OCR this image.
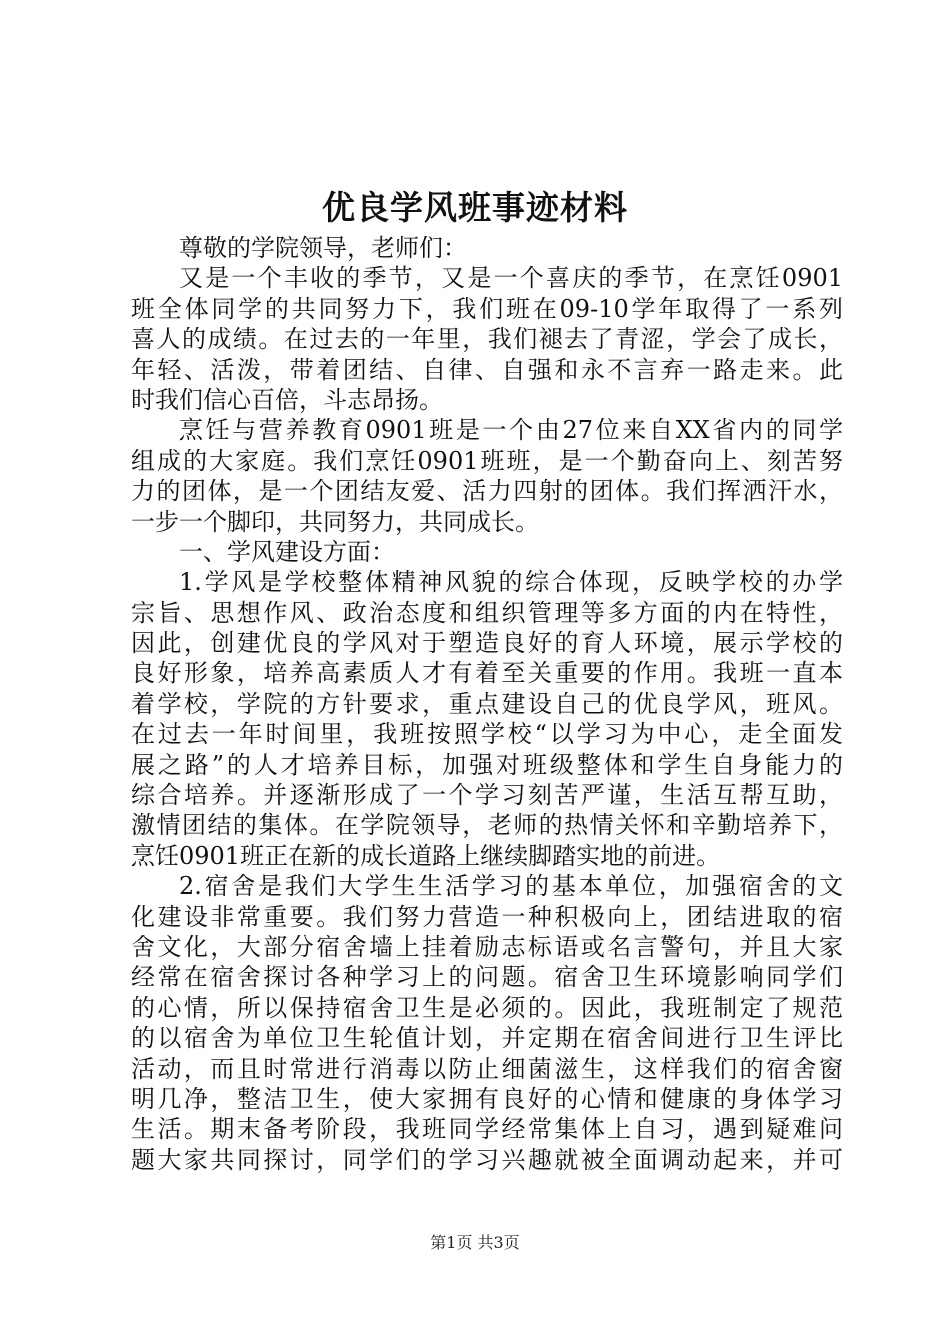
优良学风班事迹材料
尊敬的学院领导，老师们：
又是一个丰收的季节，又是一个喜庆的季节，在烹饪0901
班全体同学的共同努力下，我们班在09-10学年取得了一系列
喜人的成绩。在过去的一年里，我们褪去了青涩，学会了成长，
年轻、活泼，带着团结、自律、自强和永不言弃一路走来。此
时我们信心百倍，斗志昂扬。
烹饪与营养教育0901班是一个由27位来自XX省内的同学
组成的大家庭。我们烹饪0901班班，是一个勤奋向上、刻苦努
力的团体，是一个团结友爱、活力四射的团体。我们挥洒汗水，
一步一个脚印，共同努力，共同成长。
一、学风建设方面：
1.学风是学校整体精神风貌的综合体现，反映学校的办学
宗旨、思想作风、政治态度和组织管理等多方面的内在特性，
因此，创建优良的学风对于塑造良好的育人环境，展示学校的
良好形象，培养高素质人才有着至关重要的作用。我班一直本
着学校，学院的方针要求，重点建设自己的优良学风，班风。
在过去一年时间里，我班按照学校“以学习为中心，走全面发
展之路”的人才培养目标，加强对班级整体和学生自身能力的
综合培养。并逐渐形成了一个学习刻苦严谨，生活互帮互助，
激情团结的集体。在学院领导，老师的热情关怀和辛勤培养下，
烹饪0901班正在新的成长道路上继续脚踏实地的前进。
2.宿舍是我们大学生生活学习的基本单位，加强宿舍的文
化建设非常重要。我们努力营造一种积极向上，团结进取的宿
舍文化，大部分宿舍墙上挂着励志标语或名言警句，并且大家
经常在宿舍探讨各种学习上的问题。宿舍卫生环境影响同学们
的心情，所以保持宿舍卫生是必须的。因此，我班制定了规范
的以宿舍为单位卫生轮值计划，并定期在宿舍间进行卫生评比
活动，而且时常进行消毒以防止细菌滋生，这样我们的宿舍窗
明几净，整洁卫生，使大家拥有良好的心情和健康的身体学习
生活。期末备考阶段，我班同学经常集体上自习，遇到疑难问
题大家共同探讨，同学们的学习兴趣就被全面调动起来，并可
第1页 共3页
